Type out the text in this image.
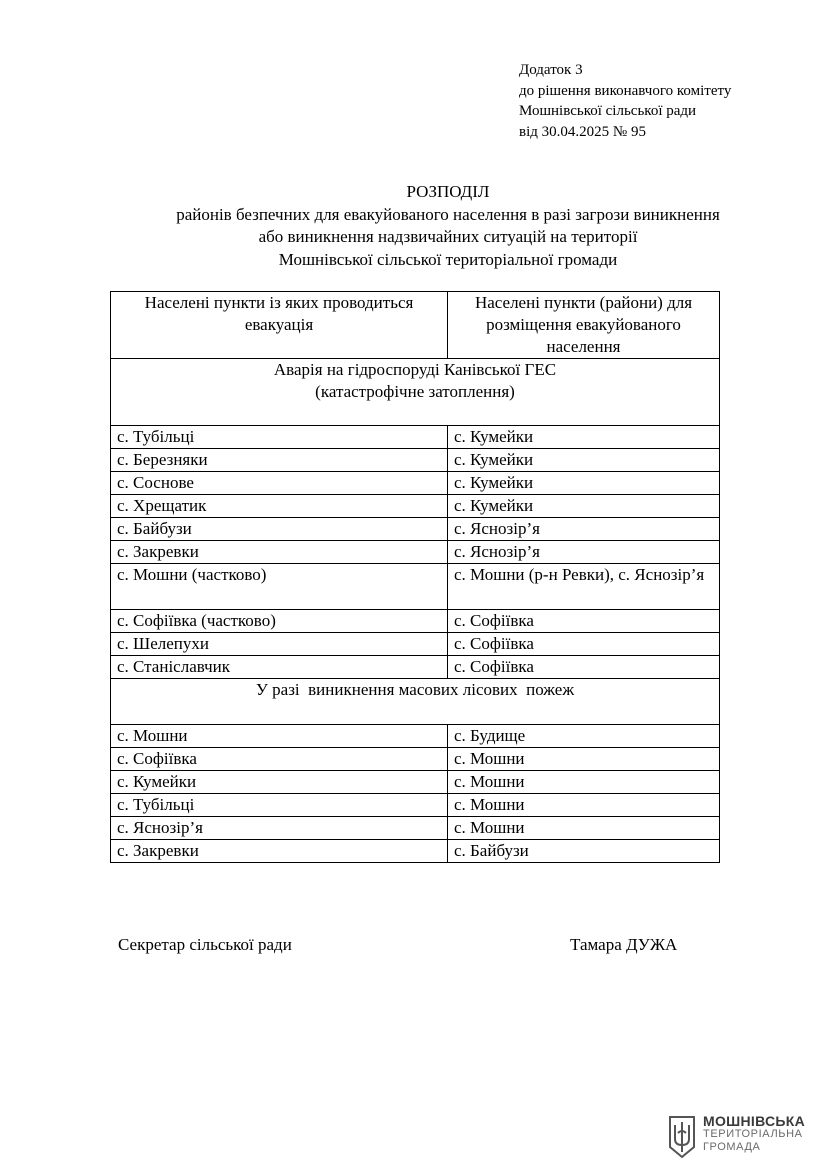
Додаток 3
до рішення виконавчого комітету
Мошнівської сільської ради
від 30.04.2025 № 95
РОЗПОДІЛ
районів безпечних для евакуйованого населення в разі загрози виникнення
або виникнення надзвичайних ситуацій на території
Мошнівської сільської територіальної громади
Населені пункти із яких проводиться евакуація	Населені пункти (райони) для розміщення евакуйованого населення

Аварія на гідроспоруді Канівської ГЕС
(катастрофічне затоплення)	

с. Тубільці	с. Кумейки
с. Березняки	с. Кумейки
с. Соснове	с. Кумейки
с. Хрещатик	с. Кумейки
с. Байбузи	с. Яснозір’я
с. Закревки	с. Яснозір’я
с. Мошни (частково)	с. Мошни (р-н Ревки), с. Яснозір’я
с. Софіївка (частково)	с. Софіївка
с. Шелепухи	с. Софіївка
с. Станіславчик	с. Софіївка
У разі  виникнення масових лісових  пожеж	
с. Мошни	с. Будище
с. Софіївка	с. Мошни
с. Кумейки	с. Мошни
с. Тубільці	с. Мошни
с. Яснозір’я	с. Мошни
с. Закревки	с. Байбузи
Секретар сільської ради	Тамара ДУЖА
МОШНІВСЬКА
ТЕРИТОРІАЛЬНА
ГРОМАДА
